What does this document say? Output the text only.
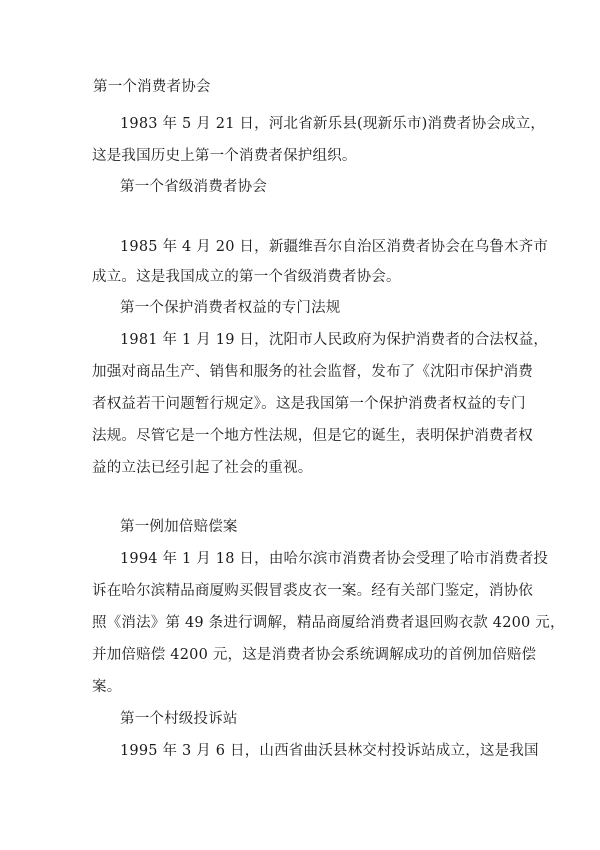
第一个消费者协会
1983 年 5 月 21 日，河北省新乐县(现新乐市)消费者协会成立，
这是我国历史上第一个消费者保护组织。
第一个省级消费者协会
1985 年 4 月 20 日，新疆维吾尔自治区消费者协会在乌鲁木齐市
成立。这是我国成立的第一个省级消费者协会。
第一个保护消费者权益的专门法规
1981 年 1 月 19 日，沈阳市人民政府为保护消费者的合法权益，
加强对商品生产、销售和服务的社会监督，发布了《沈阳市保护消费
者权益若干问题暂行规定》。这是我国第一个保护消费者权益的专门
法规。尽管它是一个地方性法规，但是它的诞生，表明保护消费者权
益的立法已经引起了社会的重视。
第一例加倍赔偿案
1994 年 1 月 18 日，由哈尔滨市消费者协会受理了哈市消费者投
诉在哈尔滨精品商厦购买假冒裘皮衣一案。经有关部门鉴定，消协依
照《消法》第 49 条进行调解，精品商厦给消费者退回购衣款 4200 元，
并加倍赔偿 4200 元，这是消费者协会系统调解成功的首例加倍赔偿
案。
第一个村级投诉站
1995 年 3 月 6 日，山西省曲沃县林交村投诉站成立，这是我国
